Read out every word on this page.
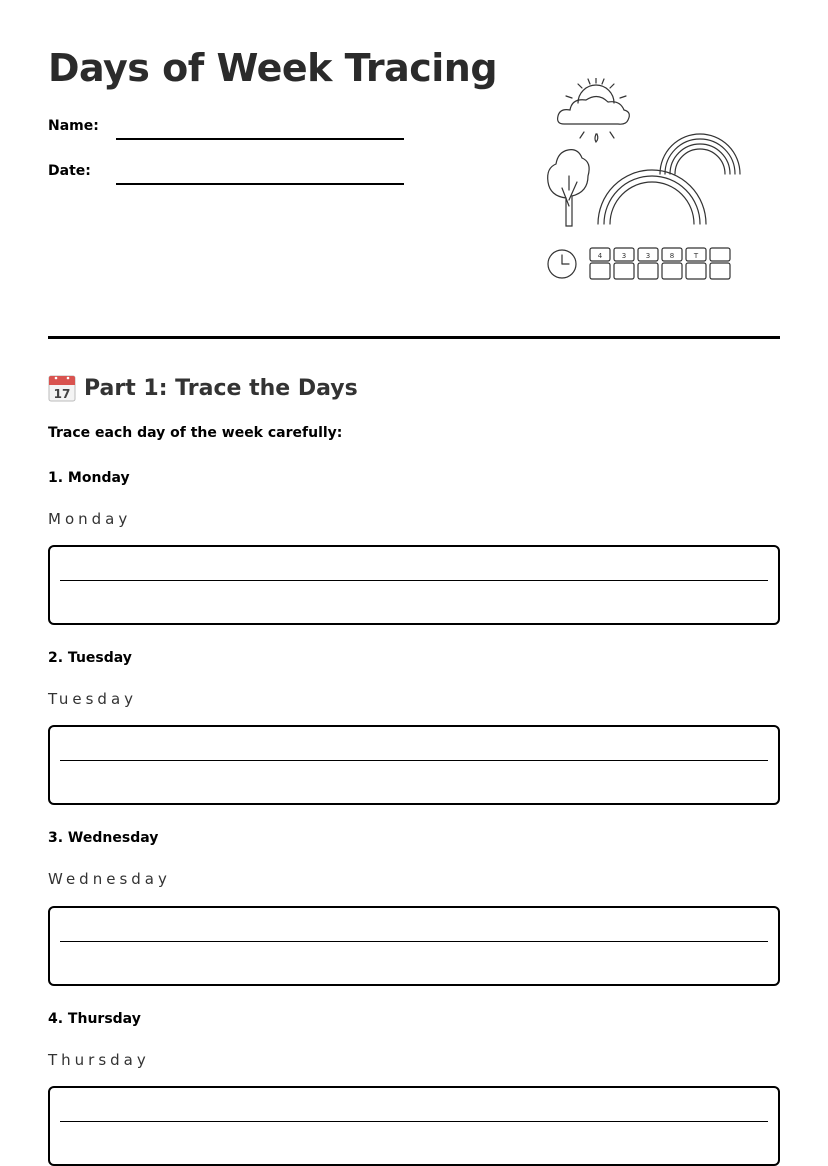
Days of Week Tracing
Name:
Date:
4	3	3	8	T
17 Part 1: Trace the Days
Trace each day of the week carefully:
1. Monday
Monday
2. Tuesday
Tuesday
3. Wednesday
Wednesday
4. Thursday
Thursday
